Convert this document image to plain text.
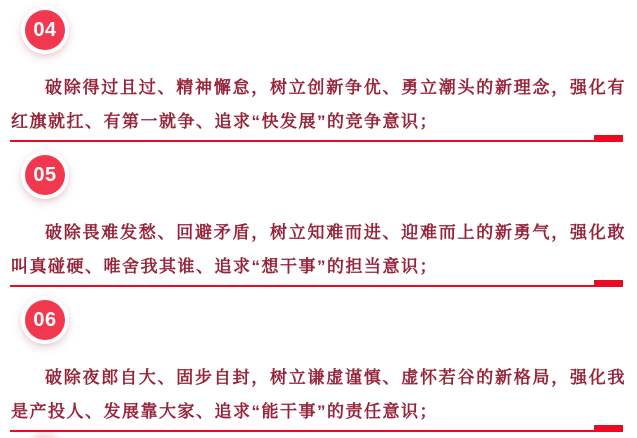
04

破除得过且过、精神懈怠，树立创新争优、勇立潮头的新理念，强化有红旗就扛、有第一就争、追求“快发展”的竞争意识；

05

破除畏难发愁、回避矛盾，树立知难而进、迎难而上的新勇气，强化敢叫真碰硬、唯舍我其谁、追求“想干事”的担当意识；

06

破除夜郎自大、固步自封，树立谦虚谨慎、虚怀若谷的新格局，强化我是产投人、发展靠大家、追求“能干事”的责任意识；
